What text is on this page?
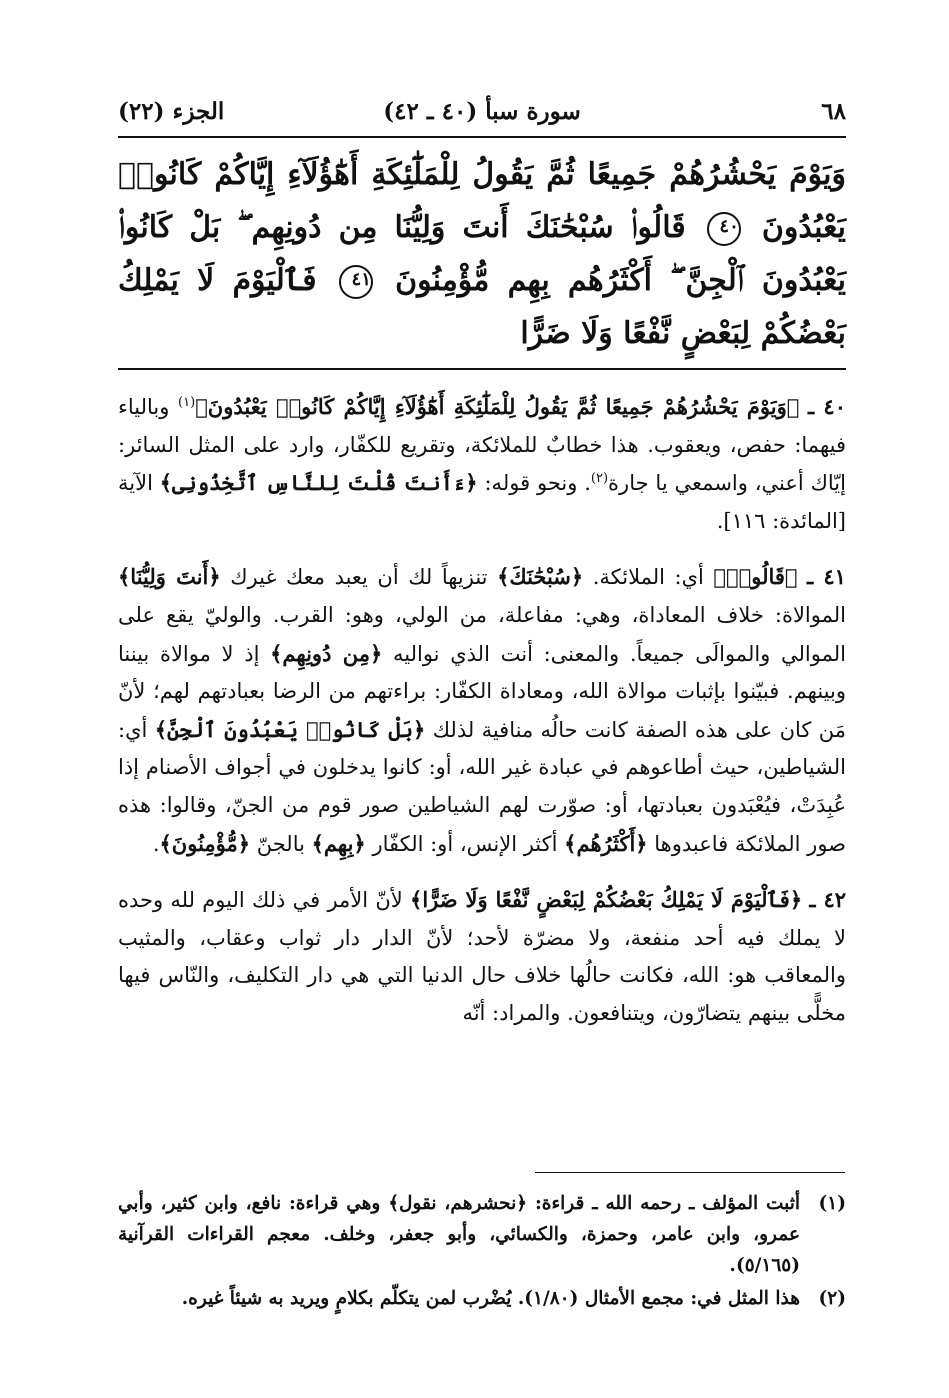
٦٨
سورة سبأ (٤٠ ـ ٤٢)
الجزء (٢٢)
وَيَوْمَ يَحْشُرُهُمْ جَمِيعًا ثُمَّ يَقُولُ لِلْمَلَٰٓئِكَةِ أَهَٰٓؤُلَآءِ إِيَّاكُمْ كَانُوا۟ يَعْبُدُونَ ٤٠ قَالُوا۟ سُبْحَٰنَكَ أَنتَ وَلِيُّنَا مِن دُونِهِم ۖ بَلْ كَانُوا۟ يَعْبُدُونَ ٱلْجِنَّ ۖ أَكْثَرُهُم بِهِم مُّؤْمِنُونَ ٤١ فَٱلْيَوْمَ لَا يَمْلِكُ بَعْضُكُمْ لِبَعْضٍ نَّفْعًا وَلَا ضَرًّا

٤٠ ـ ﴿وَيَوْمَ يَحْشُرُهُمْ جَمِيعًا ثُمَّ يَقُولُ لِلْمَلَٰٓئِكَةِ أَهَٰٓؤُلَآءِ إِيَّاكُمْ كَانُوا۟ يَعْبُدُونَ﴾$^{(١)}$ وبالياء فيهما: حفص، ويعقوب. هذا خطابٌ للملائكة، وتقريع للكفّار، وارد على المثل السائر: إيّاك أعني، واسمعي يا جارة$^{(٢)}$. ونحو قوله: ﴿ءَأَنتَ قُلْتَ لِلنَّاسِ ٱتَّخِذُونِى﴾ الآية [المائدة: ١١٦].

٤١ ـ ﴿قَالُوا۟﴾ أي: الملائكة. ﴿سُبْحَٰنَكَ﴾ تنزيهاً لك أن يعبد معك غيرك ﴿أَنتَ وَلِيُّنَا﴾ الموالاة: خلاف المعاداة، وهي: مفاعلة، من الولي، وهو: القرب. والوليّ يقع على الموالي والموالَى جميعاً. والمعنى: أنت الذي نواليه ﴿مِن دُونِهِم﴾ إذ لا موالاة بيننا وبينهم. فبيّنوا بإثبات موالاة الله، ومعاداة الكفّار: براءتهم من الرضا بعبادتهم لهم؛ لأنّ مَن كان على هذه الصفة كانت حالُه منافية لذلك ﴿بَلْ كَانُوا۟ يَعْبُدُونَ ٱلْجِنَّ﴾ أي: الشياطين، حيث أطاعوهم في عبادة غير الله، أو: كانوا يدخلون في أجواف الأصنام إذا عُبِدَتْ، فيُعْبَدون بعبادتها، أو: صوّرت لهم الشياطين صور قوم من الجنّ، وقالوا: هذه صور الملائكة فاعبدوها ﴿أَكْثَرُهُم﴾ أكثر الإنس، أو: الكفّار ﴿بِهِم﴾ بالجنّ ﴿مُّؤْمِنُونَ﴾.

٤٢ ـ ﴿فَٱلْيَوْمَ لَا يَمْلِكُ بَعْضُكُمْ لِبَعْضٍ نَّفْعًا وَلَا ضَرًّا﴾ لأنّ الأمر في ذلك اليوم لله وحده لا يملك فيه أحد منفعة، ولا مضرّة لأحد؛ لأنّ الدار دار ثواب وعقاب، والمثيب والمعاقب هو: الله، فكانت حالُها خلاف حال الدنيا التي هي دار التكليف، والنّاس فيها مخلًّى بينهم يتضارّون، ويتنافعون. والمراد: أنّه

(١)
أثبت المؤلف ـ رحمه الله ـ قراءة: ﴿نحشرهم، نقول﴾ وهي قراءة: نافع، وابن كثير، وأبي عمرو، وابن عامر، وحمزة، والكسائي، وأبو جعفر، وخلف. معجم القراءات القرآنية (٥/١٦٥).
(٢)
هذا المثل في: مجمع الأمثال (١/٨٠). يُضْرب لمن يتكلّم بكلامٍ ويريد به شيئاً غيره.
